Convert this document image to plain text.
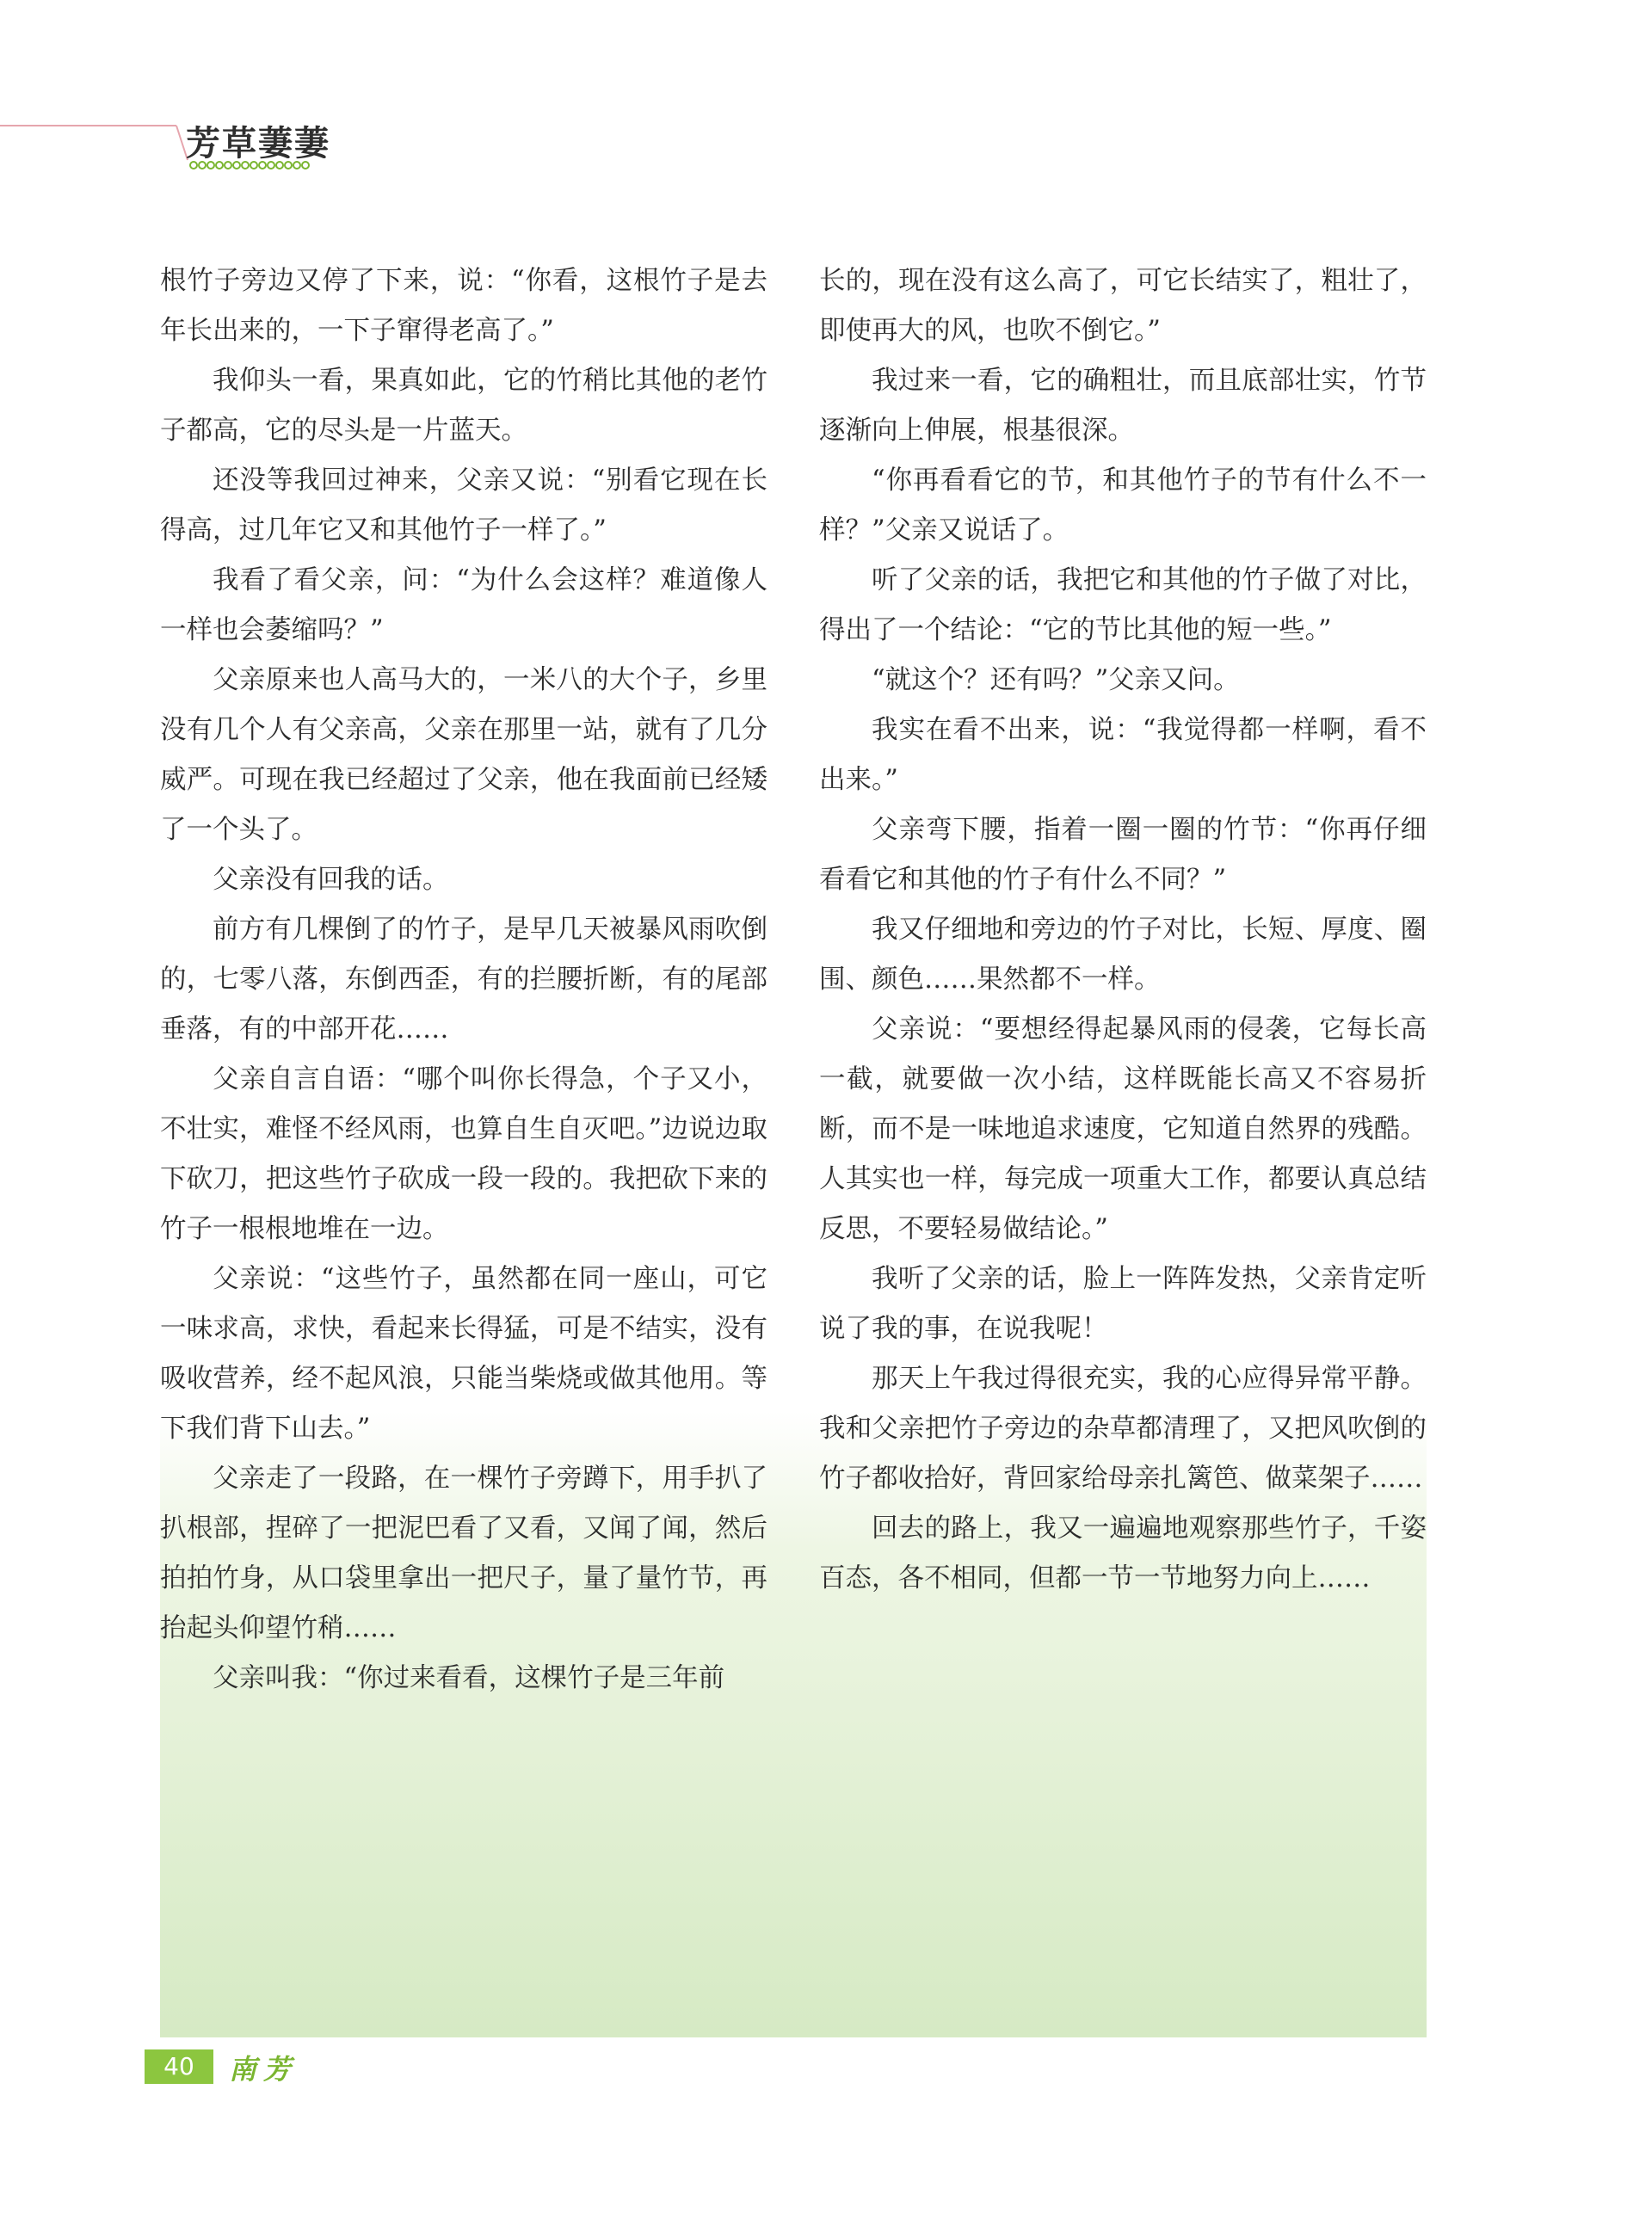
芳草萋萋

根竹子旁边又停了下来，说：“你看，这根竹子是去年长出来的，一下子窜得老高了。”

我仰头一看，果真如此，它的竹稍比其他的老竹子都高，它的尽头是一片蓝天。

还没等我回过神来，父亲又说：“别看它现在长得高，过几年它又和其他竹子一样了。”

我看了看父亲，问：“为什么会这样？难道像人一样也会萎缩吗？”

父亲原来也人高马大的，一米八的大个子，乡里没有几个人有父亲高，父亲在那里一站，就有了几分威严。可现在我已经超过了父亲，他在我面前已经矮了一个头了。

父亲没有回我的话。

前方有几棵倒了的竹子，是早几天被暴风雨吹倒的，七零八落，东倒西歪，有的拦腰折断，有的尾部垂落，有的中部开花……

父亲自言自语：“哪个叫你长得急，个子又小，不壮实，难怪不经风雨，也算自生自灭吧。”边说边取下砍刀，把这些竹子砍成一段一段的。我把砍下来的竹子一根根地堆在一边。

父亲说：“这些竹子，虽然都在同一座山，可它一味求高，求快，看起来长得猛，可是不结实，没有吸收营养，经不起风浪，只能当柴烧或做其他用。等下我们背下山去。”

父亲走了一段路，在一棵竹子旁蹲下，用手扒了扒根部，捏碎了一把泥巴看了又看，又闻了闻，然后拍拍竹身，从口袋里拿出一把尺子，量了量竹节，再抬起头仰望竹稍……

父亲叫我：“你过来看看，这棵竹子是三年前

长的，现在没有这么高了，可它长结实了，粗壮了，即使再大的风，也吹不倒它。”

我过来一看，它的确粗壮，而且底部壮实，竹节逐渐向上伸展，根基很深。

“你再看看它的节，和其他竹子的节有什么不一样？”父亲又说话了。

听了父亲的话，我把它和其他的竹子做了对比，得出了一个结论：“它的节比其他的短一些。”

“就这个？还有吗？”父亲又问。

我实在看不出来，说：“我觉得都一样啊，看不出来。”

父亲弯下腰，指着一圈一圈的竹节：“你再仔细看看它和其他的竹子有什么不同？”

我又仔细地和旁边的竹子对比，长短、厚度、圈围、颜色……果然都不一样。

父亲说：“要想经得起暴风雨的侵袭，它每长高一截，就要做一次小结，这样既能长高又不容易折断，而不是一味地追求速度，它知道自然界的残酷。人其实也一样，每完成一项重大工作，都要认真总结反思，不要轻易做结论。”

我听了父亲的话，脸上一阵阵发热，父亲肯定听说了我的事，在说我呢！

那天上午我过得很充实，我的心应得异常平静。我和父亲把竹子旁边的杂草都清理了，又把风吹倒的竹子都收拾好，背回家给母亲扎篱笆、做菜架子……

回去的路上，我又一遍遍地观察那些竹子，千姿百态，各不相同，但都一节一节地努力向上……

40	南芳
